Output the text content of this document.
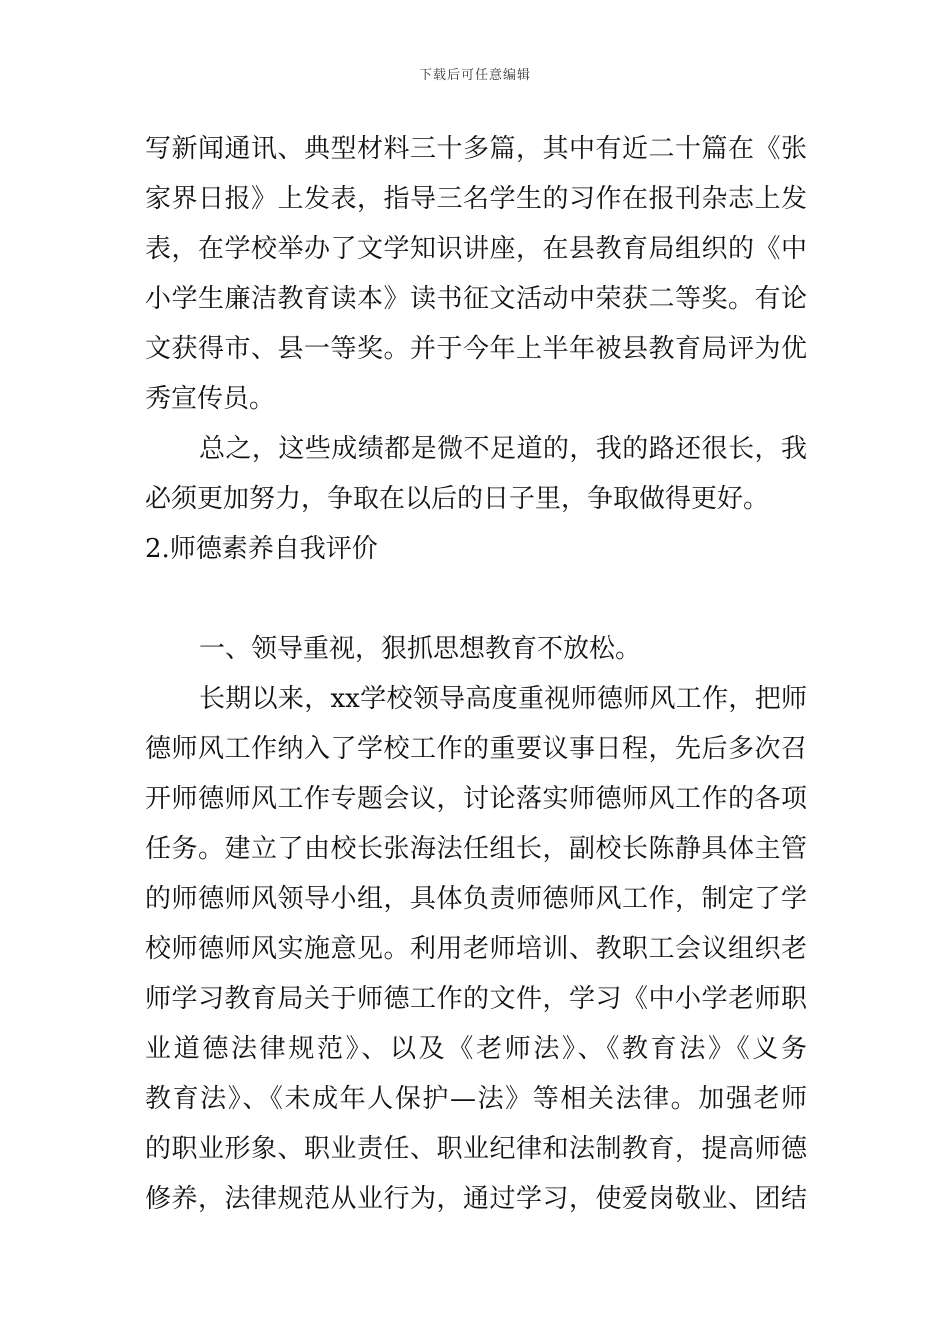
下载后可任意编辑
写新闻通讯、典型材料三十多篇，其中有近二十篇在《张
家界日报》上发表，指导三名学生的习作在报刊杂志上发
表，在学校举办了文学知识讲座，在县教育局组织的《中
小学生廉洁教育读本》读书征文活动中荣获二等奖。有论
文获得市、县一等奖。并于今年上半年被县教育局评为优
秀宣传员。
总之，这些成绩都是微不足道的，我的路还很长，我
必须更加努力，争取在以后的日子里，争取做得更好。
2.师德素养自我评价
一、领导重视，狠抓思想教育不放松。
长期以来，xx学校领导高度重视师德师风工作，把师
德师风工作纳入了学校工作的重要议事日程，先后多次召
开师德师风工作专题会议，讨论落实师德师风工作的各项
任务。建立了由校长张海法任组长，副校长陈静具体主管
的师德师风领导小组，具体负责师德师风工作，制定了学
校师德师风实施意见。利用老师培训、教职工会议组织老
师学习教育局关于师德工作的文件，学习《中小学老师职
业道德法律规范》、以及《老师法》、《教育法》《义务
教育法》、《未成年人保护—法》等相关法律。加强老师
的职业形象、职业责任、职业纪律和法制教育，提高师德
修养，法律规范从业行为，通过学习，使爱岗敬业、团结
